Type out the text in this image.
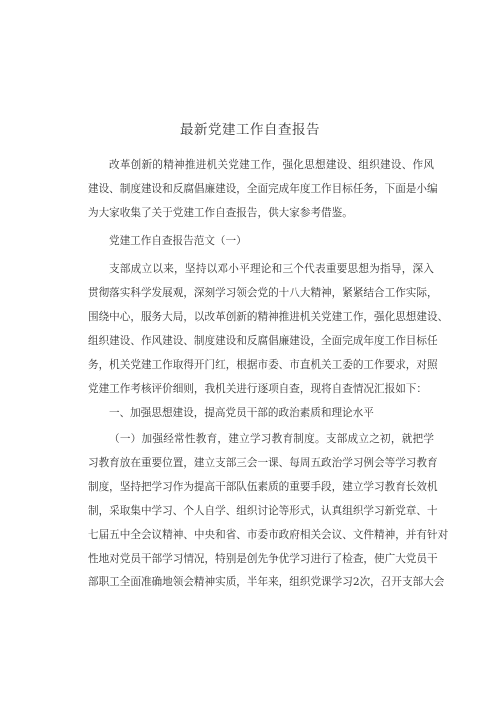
最新党建工作自查报告
改革创新的精神推进机关党建工作，强化思想建设、组织建设、作风
建设、制度建设和反腐倡廉建设，全面完成年度工作目标任务，下面是小编
为大家收集了关于党建工作自查报告，供大家参考借鉴。
党建工作自查报告范文（一）
支部成立以来，坚持以邓小平理论和三个代表重要思想为指导，深入
贯彻落实科学发展观，深刻学习领会党的十八大精神，紧紧结合工作实际，
围绕中心，服务大局，以改革创新的精神推进机关党建工作，强化思想建设、
组织建设、作风建设、制度建设和反腐倡廉建设，全面完成年度工作目标任
务，机关党建工作取得开门红，根据市委、市直机关工委的工作要求，对照
党建工作考核评价细则，我机关进行逐项自查，现将自查情况汇报如下：
一、加强思想建设，提高党员干部的政治素质和理论水平
（一）加强经常性教育，建立学习教育制度。支部成立之初，就把学
习教育放在重要位置，建立支部三会一课、每周五政治学习例会等学习教育
制度，坚持把学习作为提高干部队伍素质的重要手段，建立学习教育长效机
制，采取集中学习、个人自学、组织讨论等形式，认真组织学习新党章、十
七届五中全会议精神、中央和省、市委市政府相关会议、文件精神，并有针对
性地对党员干部学习情况，特别是创先争优学习进行了检查，使广大党员干
部职工全面准确地领会精神实质，半年来，组织党课学习2次，召开支部大会
